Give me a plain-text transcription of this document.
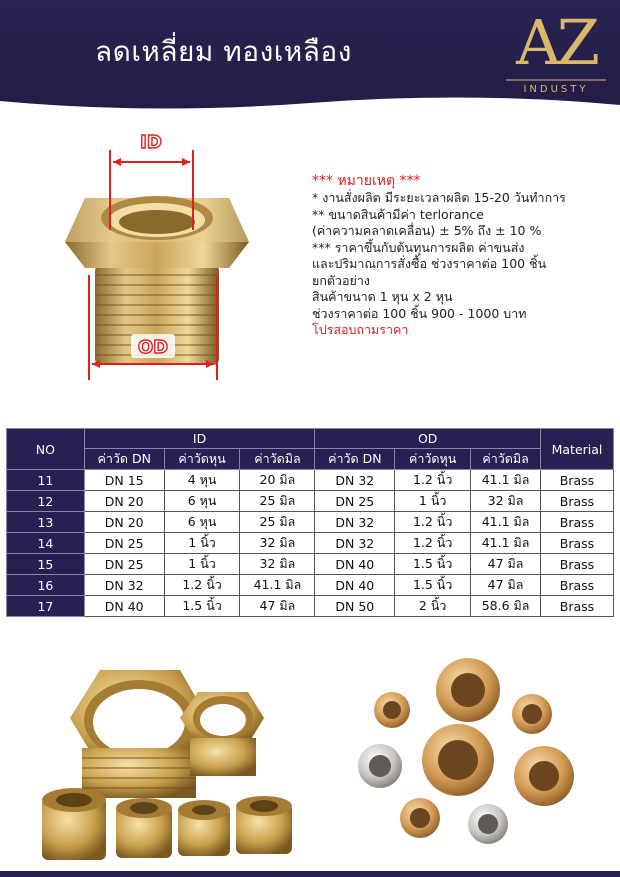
ลดเหลี่ยม ทองเหลือง	AZ
INDUSTY
ID
OD
*** หมายเหตุ ***
* งานสั่งผลิต มีระยะเวลาผลิต 15-20 วันทำการ
** ขนาดสินค้ามีค่า terlorance
(ค่าความคลาดเคลื่อน) ± 5% ถึง ± 10 %
*** ราคาขึ้นกับต้นทุนการผลิต ค่าขนส่ง
และปริมาณการสั่งซื้อ ช่วงราคาต่อ 100 ชิ้น
ยกตัวอย่าง
สินค้าขนาด 1 หุน x 2 หุน
ช่วงราคาต่อ 100 ชิ้น 900 - 1000 บาท
โปรสอบถามราคา
NO	ID			OD			Material
	ค่าวัด DN	ค่าวัดหุน	ค่าวัดมิล	ค่าวัด DN	ค่าวัดหุน	ค่าวัดมิล	
11	DN 15	4 หุน	20 มิล	DN 32	1.2 นิ้ว	41.1 มิล	Brass
12	DN 20	6 หุน	25 มิล	DN 25	1 นิ้ว	32 มิล	Brass
13	DN 20	6 หุน	25 มิล	DN 32	1.2 นิ้ว	41.1 มิล	Brass
14	DN 25	1 นิ้ว	32 มิล	DN 32	1.2 นิ้ว	41.1 มิล	Brass
15	DN 25	1 นิ้ว	32 มิล	DN 40	1.5 นิ้ว	47 มิล	Brass
16	DN 32	1.2 นิ้ว	41.1 มิล	DN 40	1.5 นิ้ว	47 มิล	Brass
17	DN 40	1.5 นิ้ว	47 มิล	DN 50	2 นิ้ว	58.6 มิล	Brass
